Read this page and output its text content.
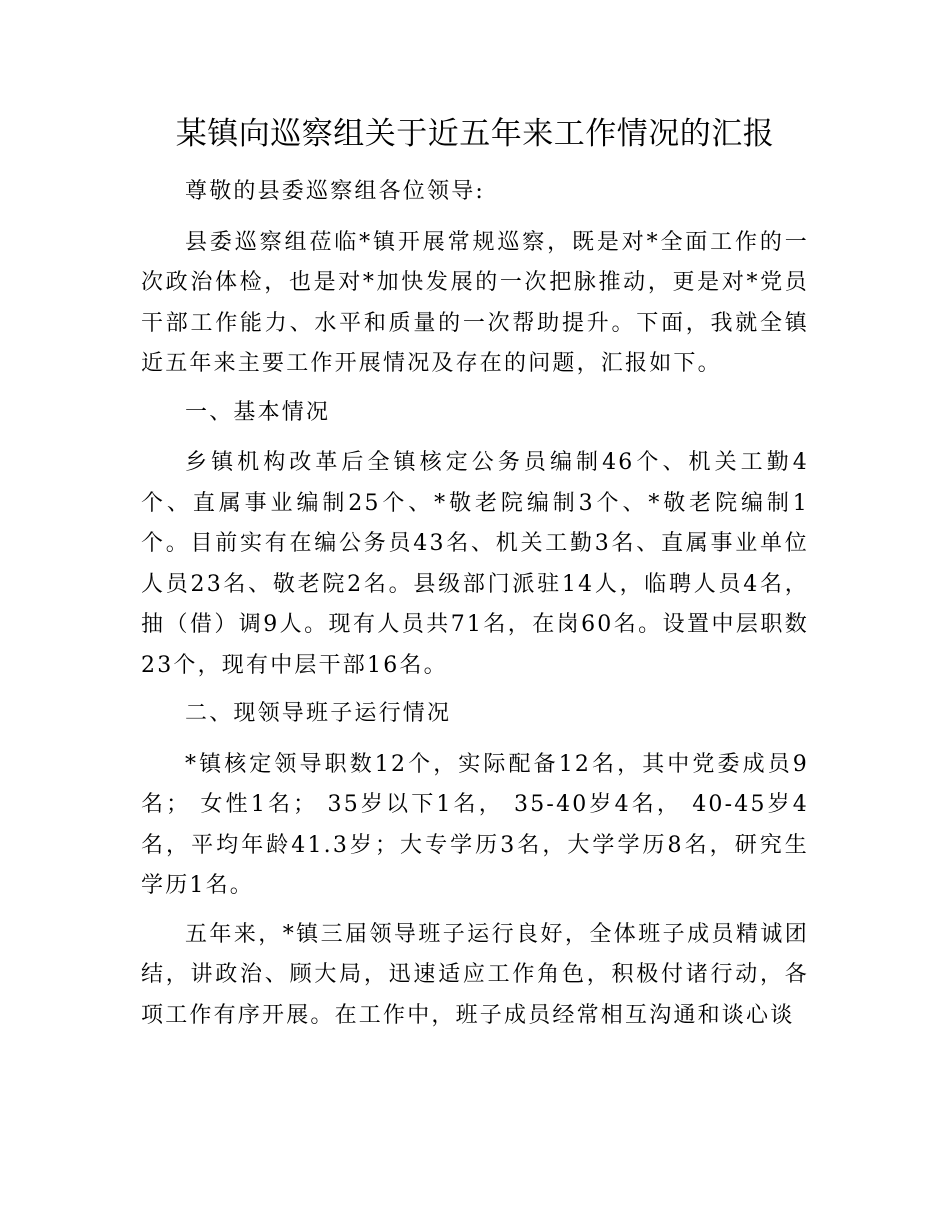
某镇向巡察组关于近五年来工作情况的汇报

尊敬的县委巡察组各位领导:

县委巡察组莅临*镇开展常规巡察，既是对*全面工作的一次政治体检，也是对*加快发展的一次把脉推动，更是对*党员干部工作能力、水平和质量的一次帮助提升。下面，我就全镇近五年来主要工作开展情况及存在的问题，汇报如下。

一、基本情况

乡镇机构改革后全镇核定公务员编制46个、机关工勤4个、直属事业编制25个、*敬老院编制3个、*敬老院编制1个。目前实有在编公务员43名、机关工勤3名、直属事业单位人员23名、敬老院2名。县级部门派驻14人，临聘人员4名，抽（借）调9人。现有人员共71名，在岗60名。设置中层职数23个，现有中层干部16名。

二、现领导班子运行情况

*镇核定领导职数12个，实际配备12名，其中党委成员9名； 女性1名； 35岁以下1名， 35-40岁4名， 40-45岁4名，平均年龄41.3岁；大专学历3名，大学学历8名，研究生学历1名。

五年来，*镇三届领导班子运行良好，全体班子成员精诚团结，讲政治、顾大局，迅速适应工作角色，积极付诸行动，各项工作有序开展。在工作中，班子成员经常相互沟通和谈心谈
